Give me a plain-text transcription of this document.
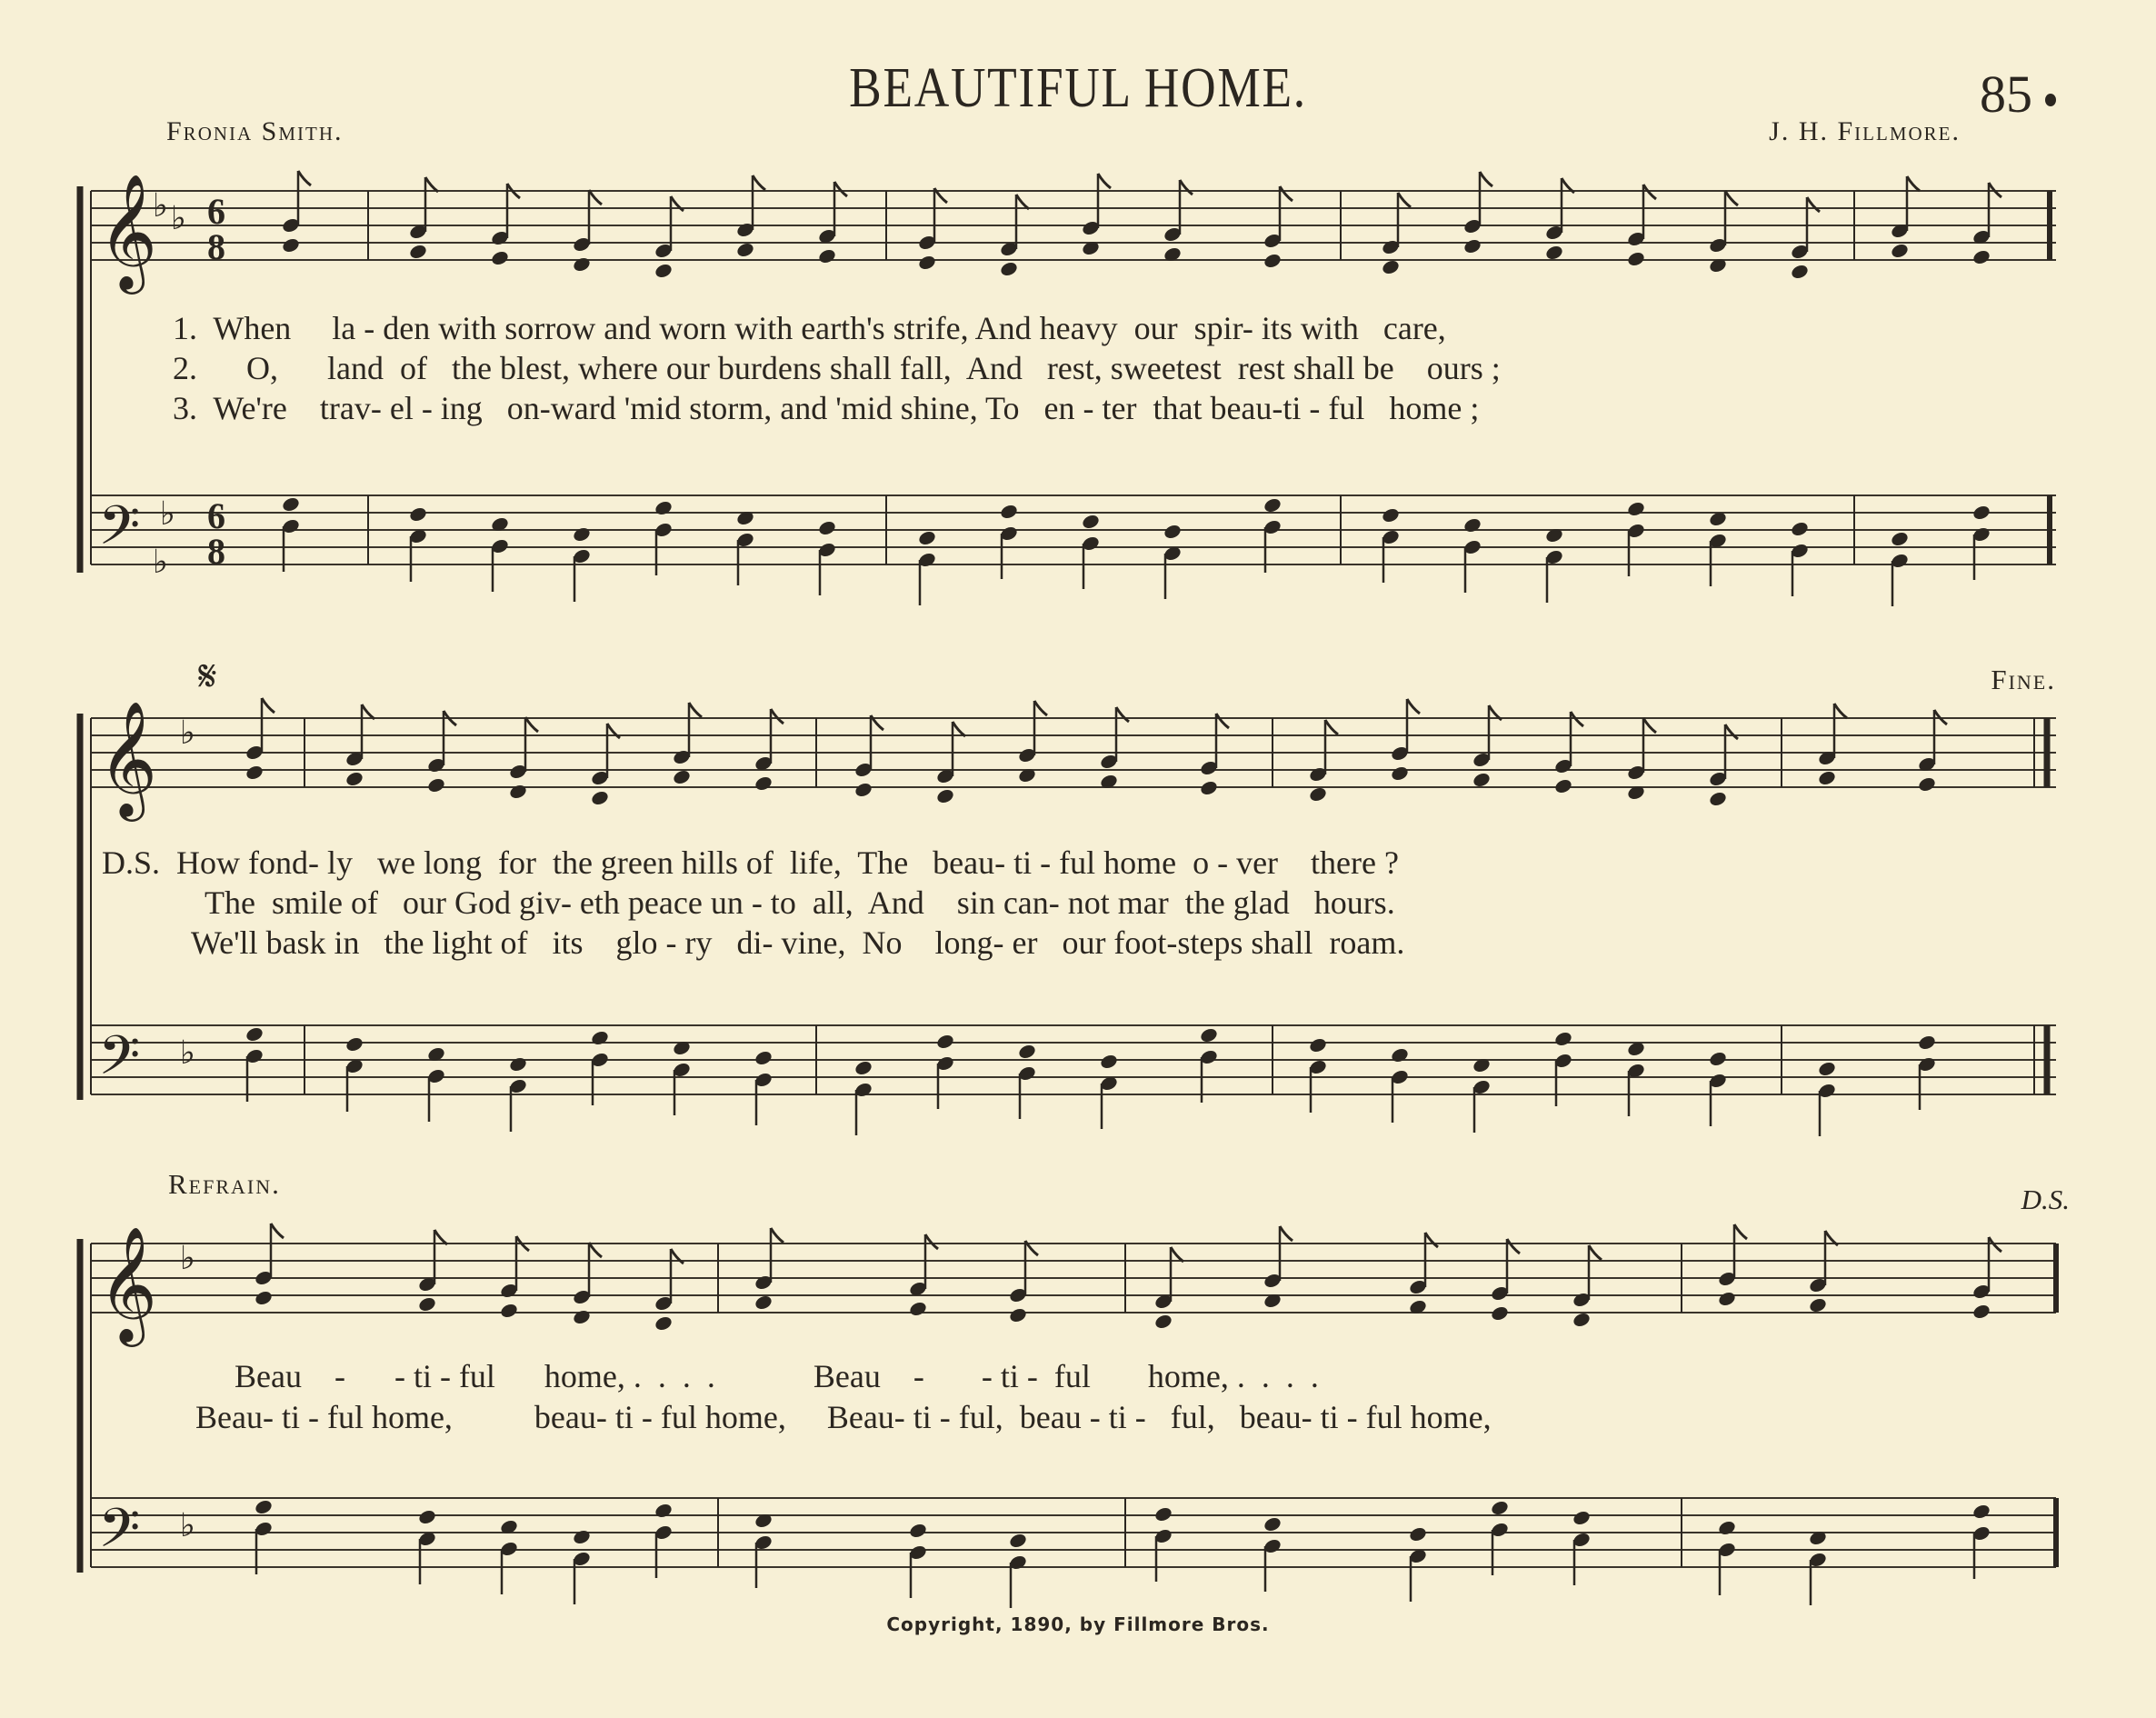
BEAUTIFUL HOME.	85
Fronia Smith.	J. H. Fillmore.
𝄞
𝄢
♭ ♭
♭
♭
6
8
6
8
𝄞
𝄢
♭
♭
𝄋
𝄞
𝄢
♭
♭
Fine.
Refrain.	D.S.
1.  When     la - den with sorrow and worn with earth's strife, And heavy  our  spir- its with   care,
2.      O,      land  of   the blest, where our burdens shall fall,  And   rest, sweetest  rest shall be    ours ;
3.  We're    trav- el - ing   on-ward 'mid storm, and 'mid shine, To   en - ter  that beau-ti - ful   home ;
D.S.  How fond- ly   we long  for  the green hills of  life,  The   beau- ti - ful home  o - ver    there ?
The  smile of   our God giv- eth peace un - to  all,  And    sin can- not mar  the glad   hours.
We'll bask in   the light of   its    glo - ry   di- vine,  No    long- er   our foot-steps shall  roam.
Beau    -      - ti - ful      home, .  .  .  .            Beau    -       - ti -  ful       home, .  .  .  .
Beau- ti - ful home,          beau- ti - ful home,     Beau- ti - ful,  beau - ti -   ful,   beau- ti - ful home,
Copyright, 1890, by Fillmore Bros.
